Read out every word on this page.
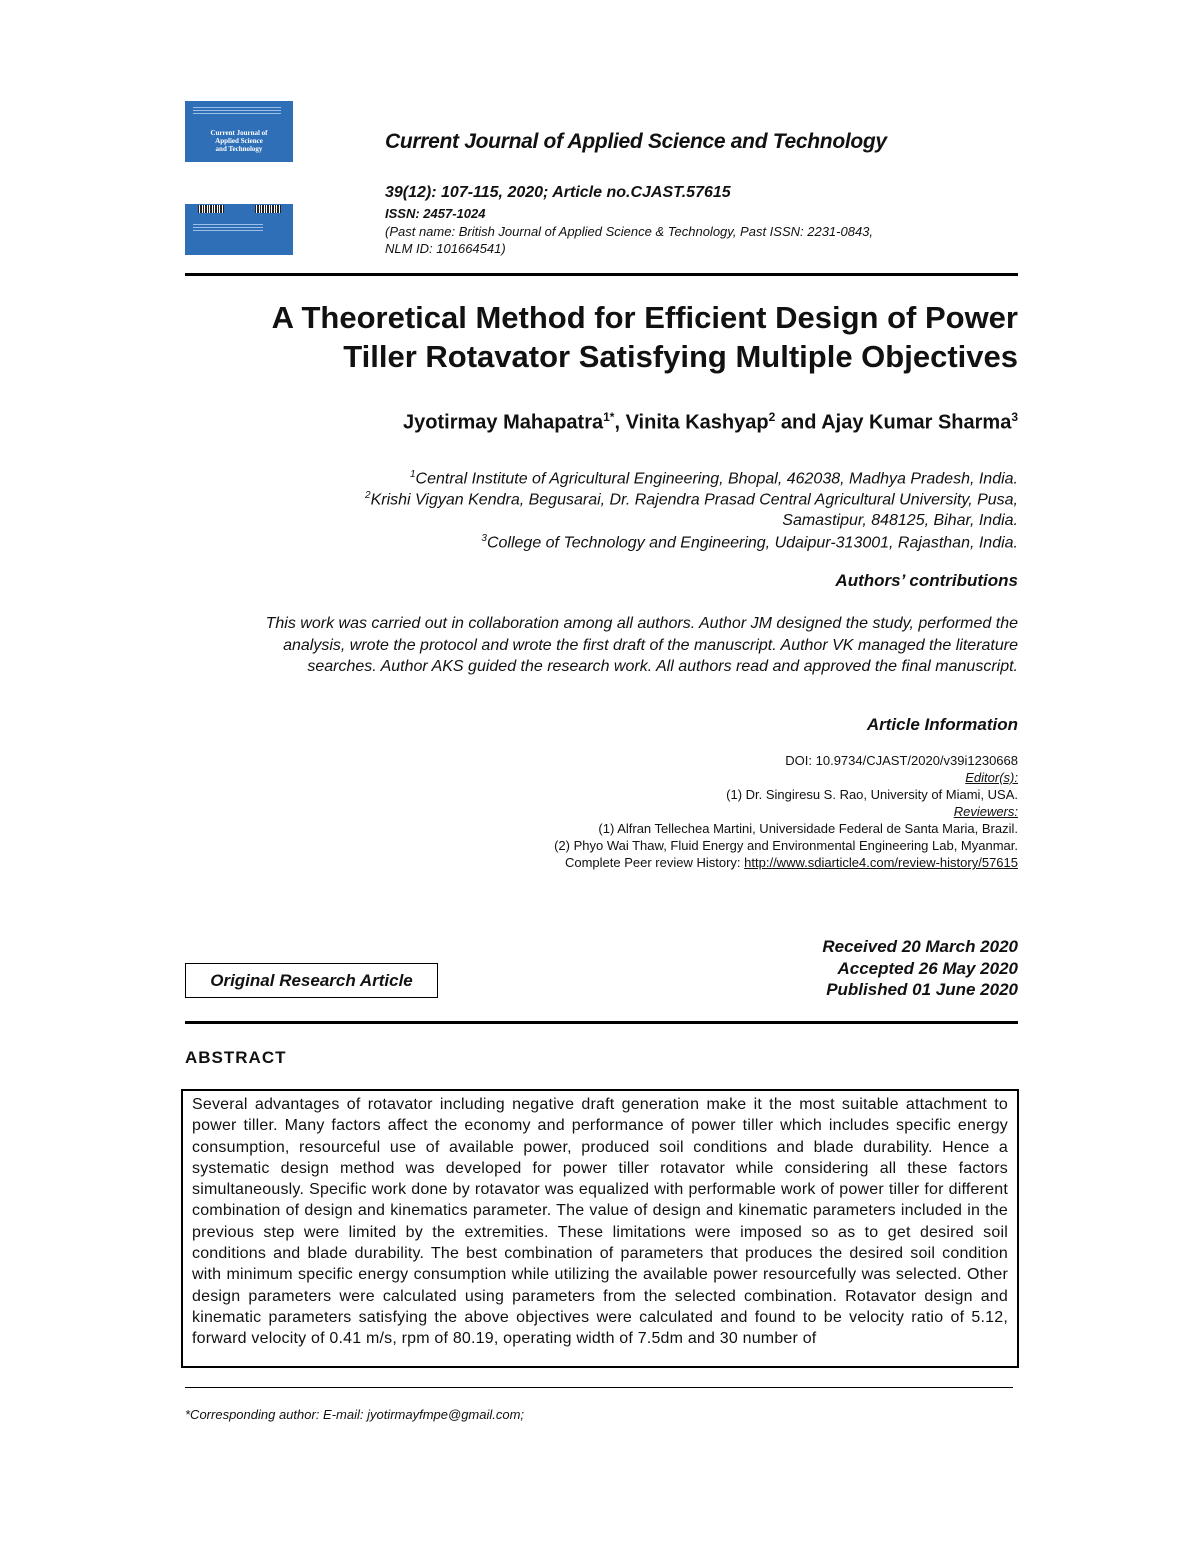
Current Journal of
Applied Science
and Technology	Current Journal of Applied Science and Technology
39(12): 107-115, 2020; Article no.CJAST.57615
ISSN: 2457-1024
(Past name: British Journal of Applied Science & Technology, Past ISSN: 2231-0843,
NLM ID: 101664541)
A Theoretical Method for Efficient Design of Power
Tiller Rotavator Satisfying Multiple Objectives
Jyotirmay Mahapatra$^{1*}$, Vinita Kashyap$^2$ and Ajay Kumar Sharma$^3$
$^1$Central Institute of Agricultural Engineering, Bhopal, 462038, Madhya Pradesh, India.
$^2$Krishi Vigyan Kendra, Begusarai, Dr. Rajendra Prasad Central Agricultural University, Pusa,
Samastipur, 848125, Bihar, India.
$^3$College of Technology and Engineering, Udaipur-313001, Rajasthan, India.
Authors’ contributions
This work was carried out in collaboration among all authors. Author JM designed the study, performed the analysis, wrote the protocol and wrote the first draft of the manuscript. Author VK managed the literature searches. Author AKS guided the research work. All authors read and approved the final manuscript.
Article Information
DOI: 10.9734/CJAST/2020/v39i1230668
Editor(s):
(1) Dr. Singiresu S. Rao, University of Miami, USA.
Reviewers:
(1) Alfran Tellechea Martini, Universidade Federal de Santa Maria, Brazil.
(2) Phyo Wai Thaw, Fluid Energy and Environmental Engineering Lab, Myanmar.
Complete Peer review History: http://www.sdiarticle4.com/review-history/57615
Received 20 March 2020
Accepted 26 May 2020
Published 01 June 2020
Original Research Article
ABSTRACT
Several advantages of rotavator including negative draft generation make it the most suitable attachment to power tiller. Many factors affect the economy and performance of power tiller which includes specific energy consumption, resourceful use of available power, produced soil conditions and blade durability. Hence a systematic design method was developed for power tiller rotavator while considering all these factors simultaneously. Specific work done by rotavator was equalized with performable work of power tiller for different combination of design and kinematics parameter. The value of design and kinematic parameters included in the previous step were limited by the extremities. These limitations were imposed so as to get desired soil conditions and blade durability. The best combination of parameters that produces the desired soil condition with minimum specific energy consumption while utilizing the available power resourcefully was selected. Other design parameters were calculated using parameters from the selected combination. Rotavator design and kinematic parameters satisfying the above objectives were calculated and found to be velocity ratio of 5.12, forward velocity of 0.41 m/s, rpm of 80.19, operating width of 7.5dm and 30 number of
*Corresponding author: E-mail: jyotirmayfmpe@gmail.com;
